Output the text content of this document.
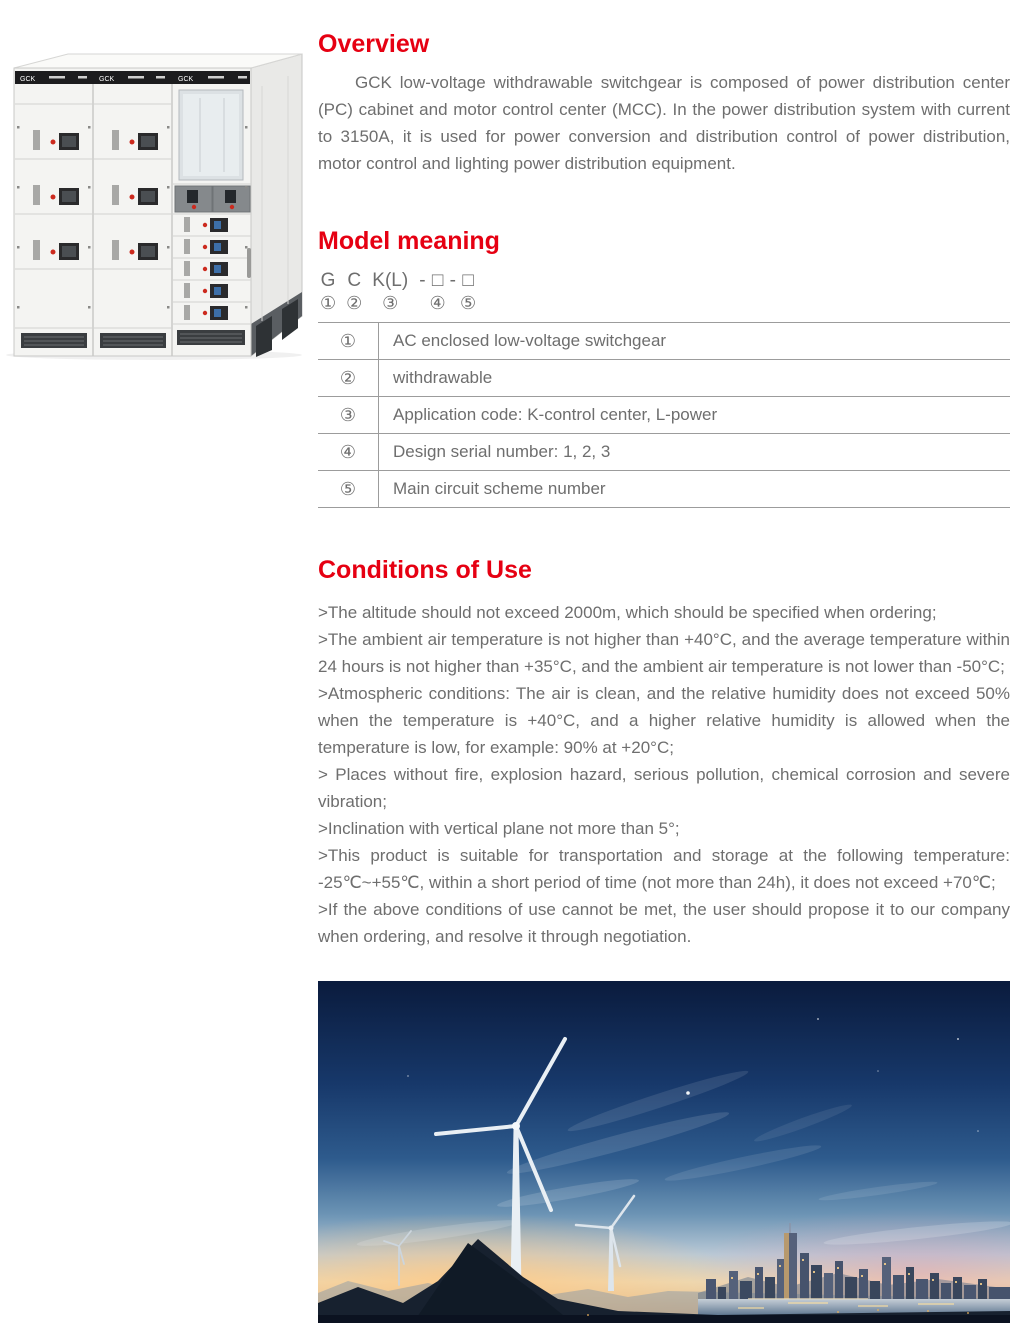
GCK	GCK	GCK
Overview

GCK low-voltage withdrawable switchgear is composed of power distribution center (PC) cabinet and motor control center (MCC). In the power distribution system with current to 3150A, it is used for power conversion and distribution control of power distribution, motor control and lighting power distribution equipment.

Model meaning
G
①
C
②
K(L)
③
- □
④
- □
⑤
①	AC enclosed low-voltage switchgear
②	withdrawable
③	Application code: K-control center, L-power
④	Design serial number: 1, 2, 3
⑤	Main circuit scheme number
Conditions of Use

>The altitude should not exceed 2000m, which should be specified when ordering;

>The ambient air temperature is not higher than +40°C, and the average temperature within 24 hours is not higher than +35°C, and the ambient air temperature is not lower than -50°C;

>Atmospheric conditions: The air is clean, and the relative humidity does not exceed 50% when the temperature is +40°C, and a higher relative humidity is allowed when the temperature is low, for example: 90% at +20°C;

> Places without fire, explosion hazard, serious pollution, chemical corrosion and severe vibration;

>Inclination with vertical plane not more than 5°;

>This product is suitable for transportation and storage at the following temperature: -25℃~+55℃, within a short period of time (not more than 24h), it does not exceed +70℃;

>If the above conditions of use cannot be met, the user should propose it to our company when ordering, and resolve it through negotiation.
